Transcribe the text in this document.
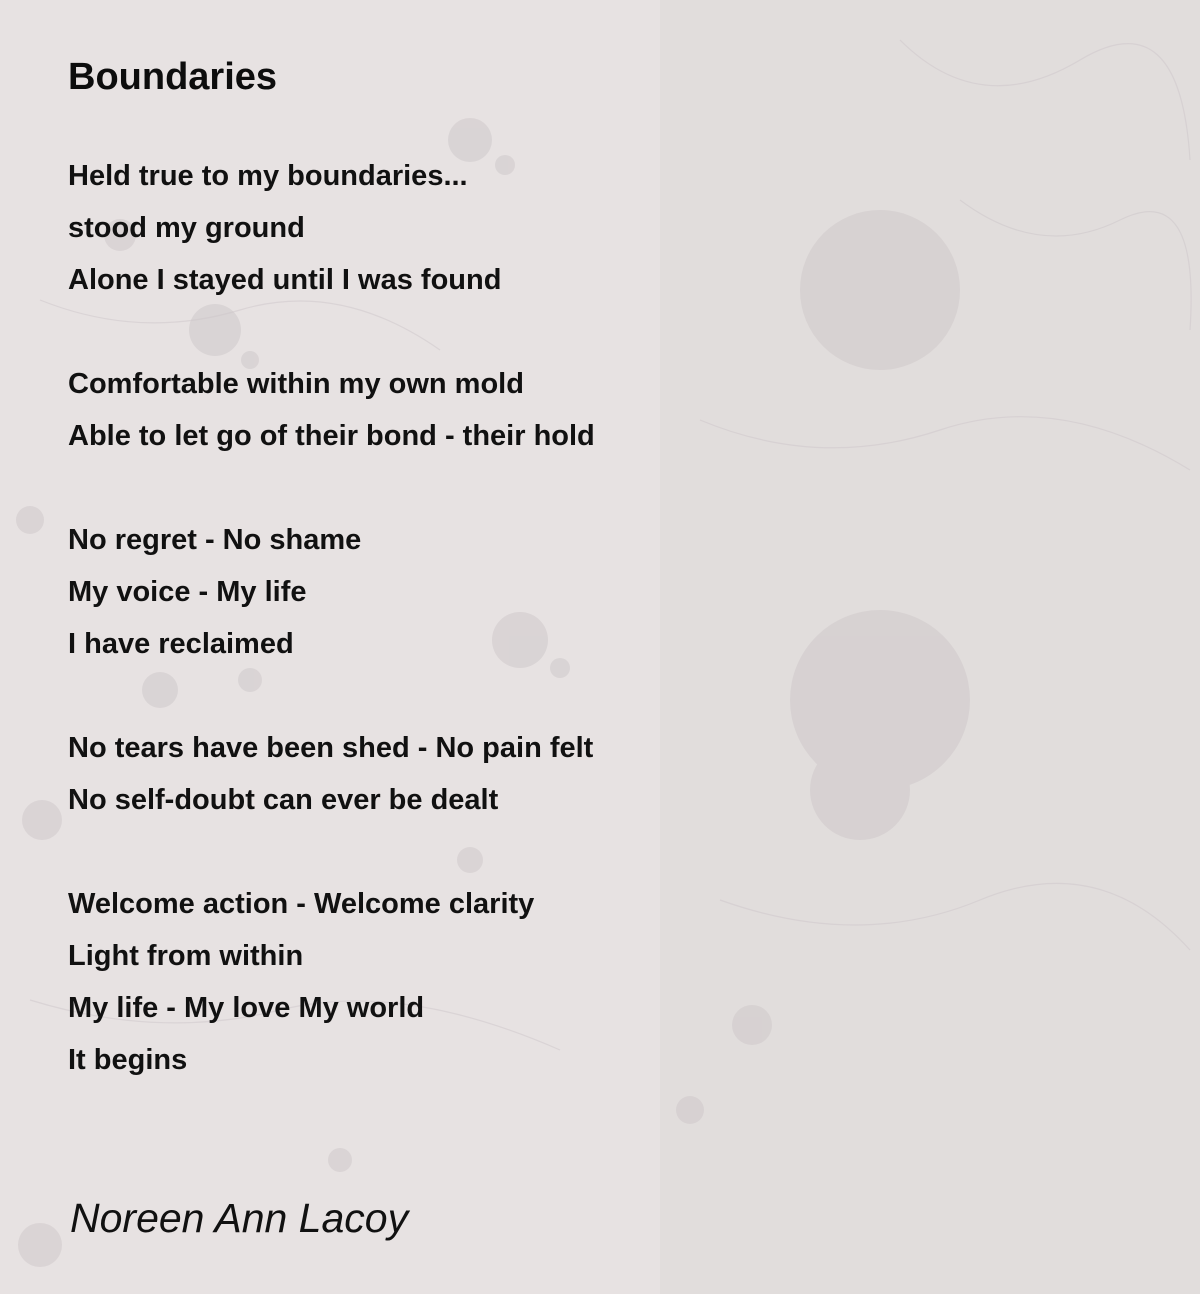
Boundaries
Held true to my boundaries...
stood my ground
Alone I stayed until I was found
Comfortable within my own mold
Able to let go of their bond - their hold
No regret - No shame
My voice - My life
I have reclaimed
No tears have been shed - No pain felt
No self-doubt can ever be dealt
Welcome action - Welcome clarity
Light from within
My life - My love My world
It begins

Noreen Ann Lacoy
